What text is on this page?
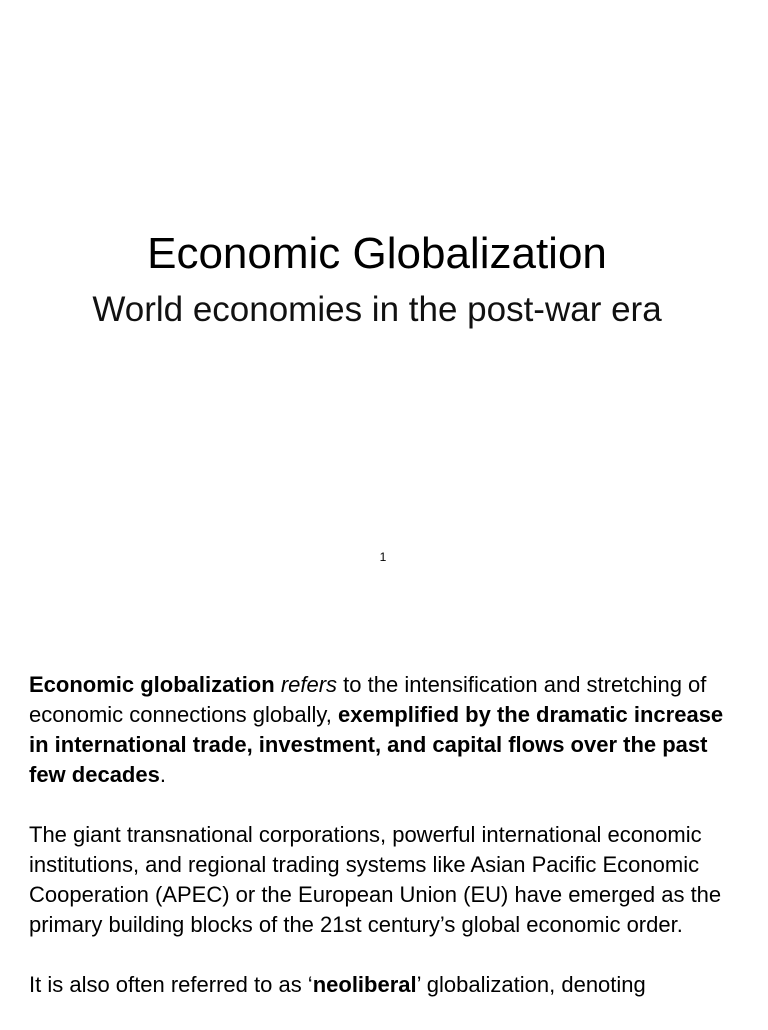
Economic Globalization
World economies in the post-war era
1

Economic globalization refers to the intensification and stretching of economic connections globally, exemplified by the dramatic increase in international trade, investment, and capital flows over the past few decades.

The giant transnational corporations, powerful international economic institutions, and regional trading systems like Asian Pacific Economic Cooperation (APEC) or the European Union (EU) have emerged as the primary building blocks of the 21st century’s global economic order.

It is also often referred to as ‘neoliberal’ globalization, denoting
